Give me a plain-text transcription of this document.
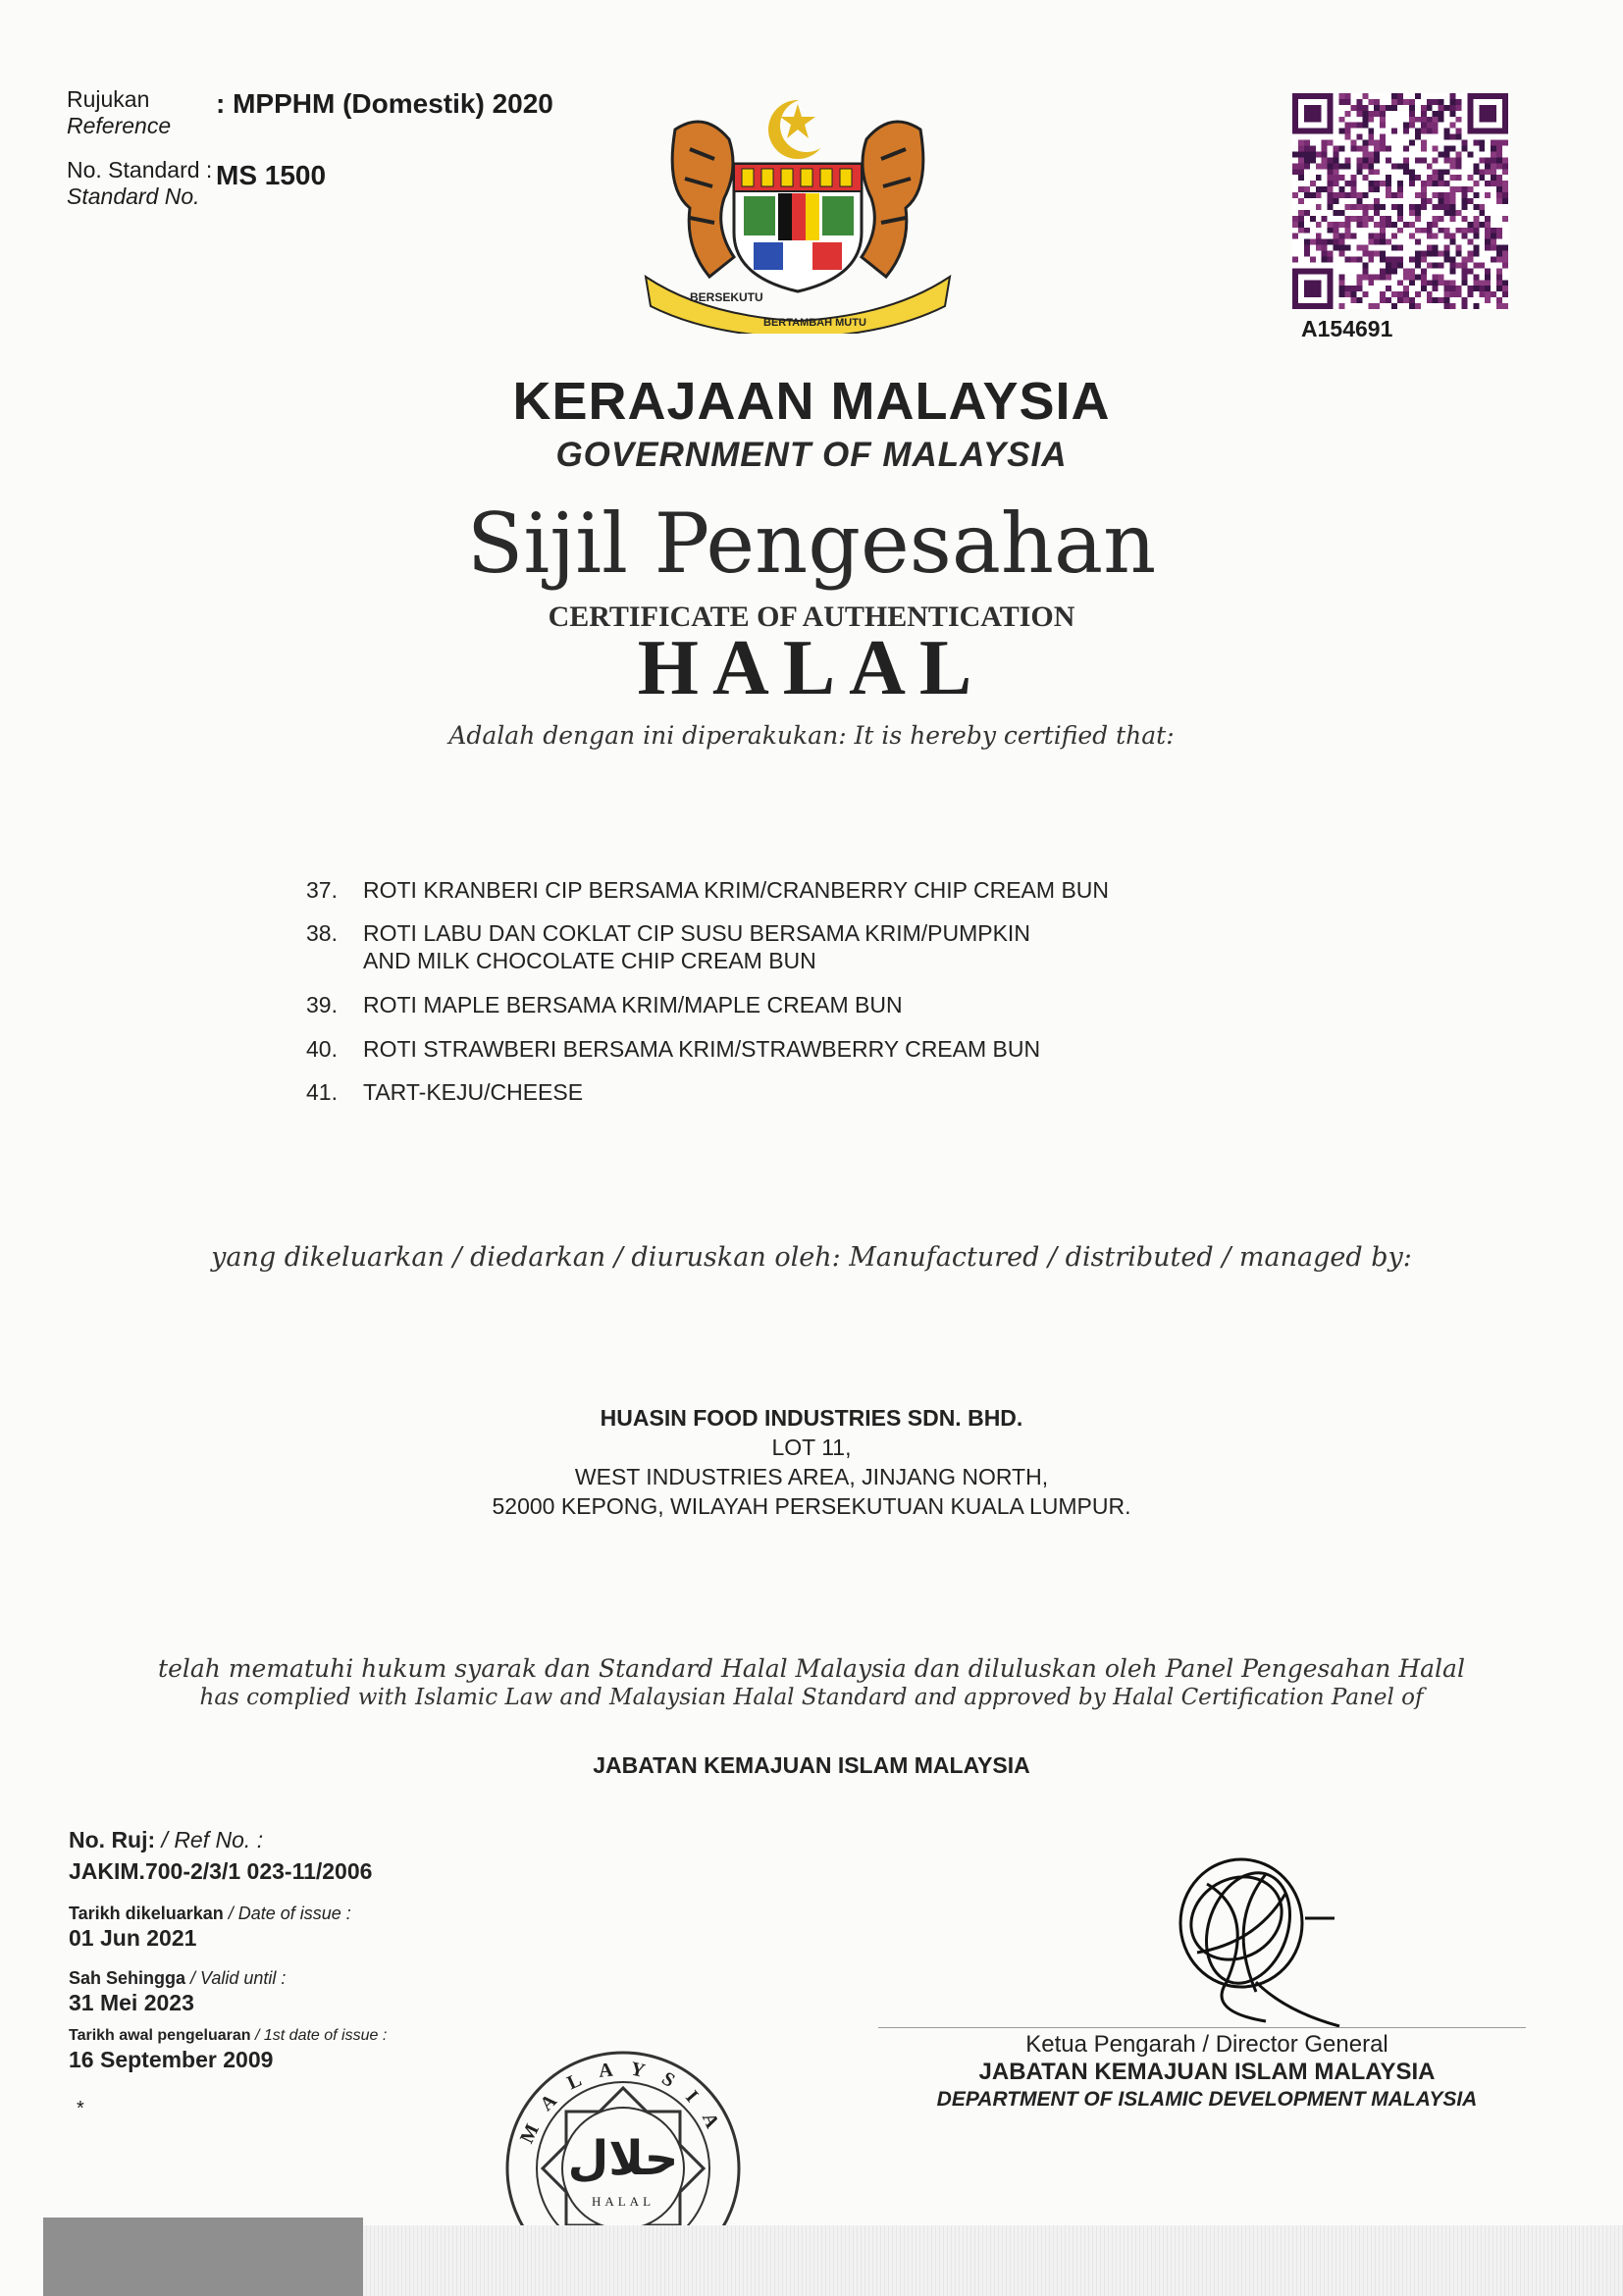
Rujukan
Reference
: MPPHM (Domestik) 2020
No. Standard :
Standard No.
MS 1500
BERSEKUTU
BERTAMBAH MUTU	A154691
KERAJAAN MALAYSIA
GOVERNMENT OF MALAYSIA
Sijil Pengesahan
CERTIFICATE OF AUTHENTICATION
HALAL
Adalah dengan ini diperakukan: It is hereby certified that:
37.	ROTI KRANBERI CIP BERSAMA KRIM/CRANBERRY CHIP CREAM BUN
38.	ROTI LABU DAN COKLAT CIP SUSU BERSAMA KRIM/PUMPKIN AND MILK CHOCOLATE CHIP CREAM BUN
39.	ROTI MAPLE BERSAMA KRIM/MAPLE CREAM BUN
40.	ROTI STRAWBERI BERSAMA KRIM/STRAWBERRY CREAM BUN
41.	TART-KEJU/CHEESE
yang dikeluarkan / diedarkan / diuruskan oleh: Manufactured / distributed / managed by:
HUASIN FOOD INDUSTRIES SDN. BHD.
LOT 11,
WEST INDUSTRIES AREA, JINJANG NORTH,
52000 KEPONG, WILAYAH PERSEKUTUAN KUALA LUMPUR.
telah mematuhi hukum syarak dan Standard Halal Malaysia dan diluluskan oleh Panel Pengesahan Halal
has complied with Islamic Law and Malaysian Halal Standard and approved by Halal Certification Panel of
JABATAN KEMAJUAN ISLAM MALAYSIA
No. Ruj: / Ref No. :
JAKIM.700-2/3/1 023-11/2006
Tarikh dikeluarkan / Date of issue :
01 Jun 2021
Sah Sehingga / Valid until :
31 Mei 2023
Tarikh awal pengeluaran / 1st date of issue :
16 September 2009
*
Ketua Pengarah / Director General
JABATAN KEMAJUAN ISLAM MALAYSIA
DEPARTMENT OF ISLAMIC DEVELOPMENT MALAYSIA
حلال
HALAL
MALAYSIA
